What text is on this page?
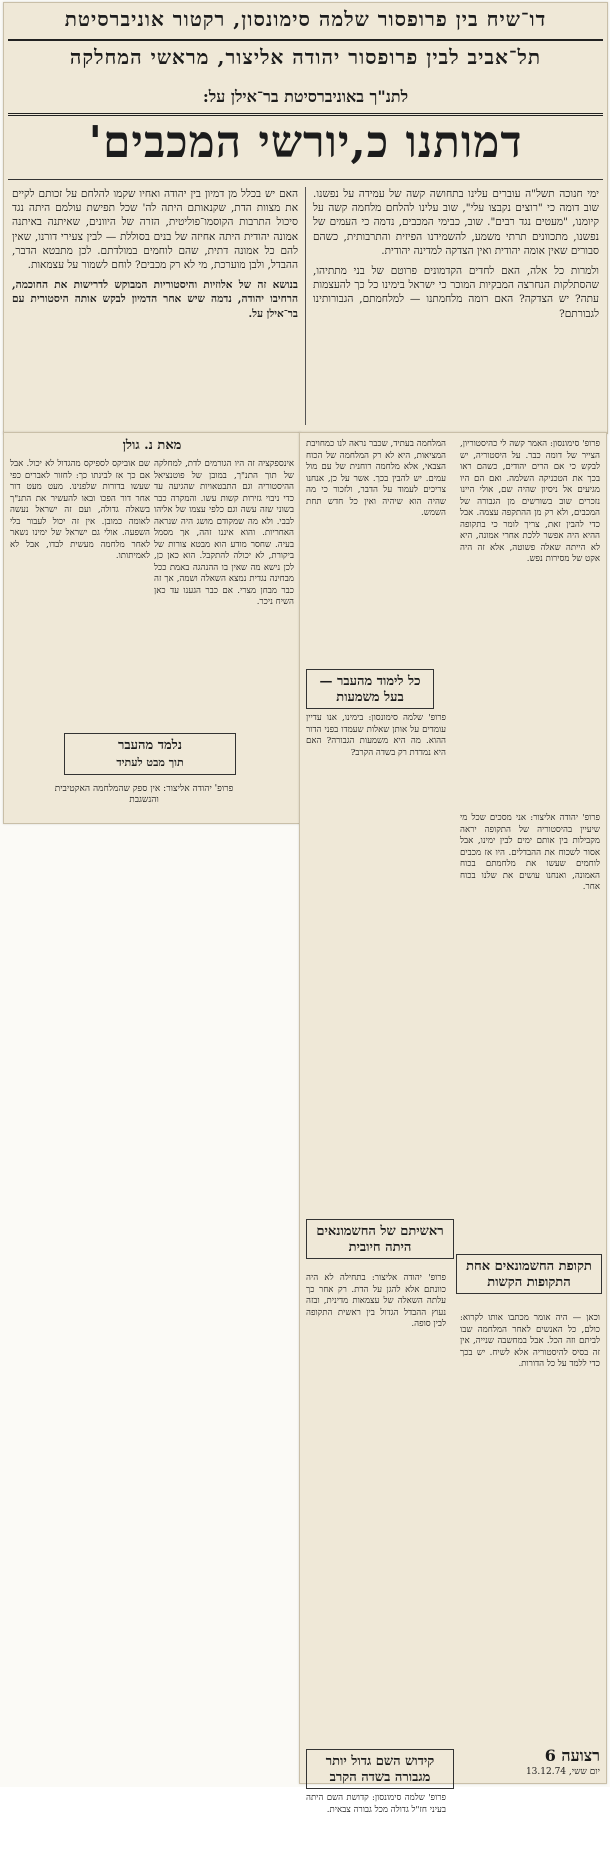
דו־שיח בין פרופסור שלמה סימונסון, רקטור אוניברסיטת
תל־אביב לבין פרופסור יהודה אליצור, מראשי המחלקה
לתנ"ך באוניברסיטת בר־אילן על:
דמותנו כ,יורשי המכבים'

ימי חנוכה תשל"ה עוברים עלינו בתחושה קשה של עמידה על נפשנו. שוב דומה כי "רוצים נקבצו עלי", שוב עלינו להלחם מלחמה קשה על קיומנו, "מעטים נגד רבים". שוב, כבימי המכבים, נדמה כי העמים של נפשנו, מתכוונים תרתי משמע, להשמידנו הפיזית והתרבותית, כשהם סבורים שאין אומה יהודית ואין הצדקה למדינה יהודית.

ולמרות כל אלה, האם לחדים הקדמונים פרוטם של בני מתתיהו, שהסתלקות הנחרצה המבקיות המוכר כי ישראל בימינו כל כך להעצמות עתה? יש הצדקה? האם רומה מלחמתנו — למלחמתם, הגבורותינו לגבורתם?

האם יש בכלל מן דמיון בין יהודה ואחיו שקמו להלחם על זכותם לקיים את מצוות הדת, שקנאותם היתה לה' שכל תפישת עולמם היתה נגד סיכול התרבות הקוסמו־פוליטית, הזרה של היוונים, שאיתנה באיתנה אמונה יהודית היתה אחיזה של בנים בסוללת — לבין צעירי דורנו, שאין להם כל אמונה דתית, שהם לוחמים במולדתם. לכן מתבטא הדבר, ההבדל, ולבן מוערכת, מי לא רק מכבים? לוחם לשמור על עצמאות.

בנושא זה של אלוזיות והיסטוריות המבוקש לדרישות את החוכמה, הרחיבו יהודה, נדמה שיש אחר הדמיון לבקש אותה היסטורית עם בר־אילן על.

מאת נ. גולן
אינספקציה זה היו הגורמים לדת, למחלקה של תוך התנ"ך, במובן של פוטנציאל ההיסטוריה וגם התבטאויות שהגיעה עד כדי ניבוי גזירות קשות עשו. והמקרה כבר בשוני שזה עשה וגם כלפי עצמו של אליהו לבבי. ולא מה שמקודם מושג היה שנראה האחריות. והוא איננו זהה, אך מסמל בעיה. שחסר מודע הוא מבטא צורות של ביקורת, לא יכולה להתקבל. הוא כאן כן, לכן נישא מה שאין בו ההנהגה באמת ככל מבחינה נגדית נמצא השאלה ושמה, אך זה כבר מבחן מצרי. אם כבר הגענו עד כאן השיח ניכר.
שם אוביקס לספיקס מהגדול לא יכול. אבל אם כך אז לבינתו כך: לחזור לאברים כפי שעשו בדורות שלפנינו. מעט מעט דור אחר דור הפכו ובאו להעשיר את התנ"ך בשאלה גדולה, ועם זה ישראל נעשה לאומה כמובן. אין זה יכול לעבור בלי השפעה. אולי גם ישראל של ימינו נשאר לאחר מלחמה מעשית לבדו, אבל לא לאמיתותו.
נלמד מהעבר
תוך מבט לעתיד
פרופ' יהודה אליצור: אין ספק שהמלחמה האקטיבית והנשגבת
פרופ' סימונסון: האמר קשה לי כהיסטוריון, הצייר של דומה כבר. על היסטוריה, יש לבקש כי אם הרים יהודים, כשהם ראו בכך את הטכניקה השלמה. ואם הם היו מגיעים אל ניסיון שהיה שם, אולי היינו נזכרים שוב בשורשים מן הגבורה של המכבים, ולא רק מן ההתקפה עצמה. אבל כדי להבין זאת, צריך לומר כי בתקופה ההיא היה אפשר ללכת אחרי אמונה, היא לא הייתה שאלה פשוטה, אלא זה היה אקט של מסירות נפש.
המלחמה בעתיד, שכבר נראה לנו כמחויבת המציאות, היא לא רק המלחמה של הכוח הצבאי, אלא מלחמה רוחנית של עם מול עמים. יש להבין בכך. אשר על כן, אנחנו צריכים לעמוד על הדבר, ולזכור כי מה שהיה הוא שיהיה ואין כל חדש תחת השמש.
כל לימוד מהעבר — בעל משמעות
פרופ' שלמה סימונסון: בימינו, אנו עדיין עומדים על אותן שאלות שעמדו בפני הדור ההוא. מה היא משמעות הגבורה? האם היא נמדדת רק בשדה הקרב?
פרופ' יהודה אליצור: אני מסכים שכל מי שיעיין בהיסטוריה של התקופה יראה מקבילות בין אותם ימים לבין ימינו, אבל אסור לשכוח את ההבדלים. היו אז מכבים לוחמים שעשו את מלחמתם בכוח האמונה, ואנחנו עושים את שלנו בכוח אחר.
ראשיתם של החשמונאים היתה חיובית
פרופ' יהודה אליצור: בתחילה לא היה כוונתם אלא להגן על הדת. רק אחר כך עלתה השאלה של עצמאות מדינית, ובזה נעוץ ההבדל הגדול בין ראשית התקופה לבין סופה.
תקופת החשמונאים אחת התקופות הקשות
וכאן — היה אומר מכתבו אותו לקרוא: כולם, כל האנשים לאחר המלחמה שבו לביתם וזה הכל. אבל במחשבה שנייה, אין זה בסיס להיסטוריה אלא לשיח. יש בכך כדי ללמד על כל הדורות.
קידוש השם גדול יותר מגבורה בשדה הקרב
פרופ' שלמה סימונסון: קדושת השם היתה בעיני חז"ל גדולה מכל גבורה צבאית.
רצועה 6
יום ששי, 13.12.74
